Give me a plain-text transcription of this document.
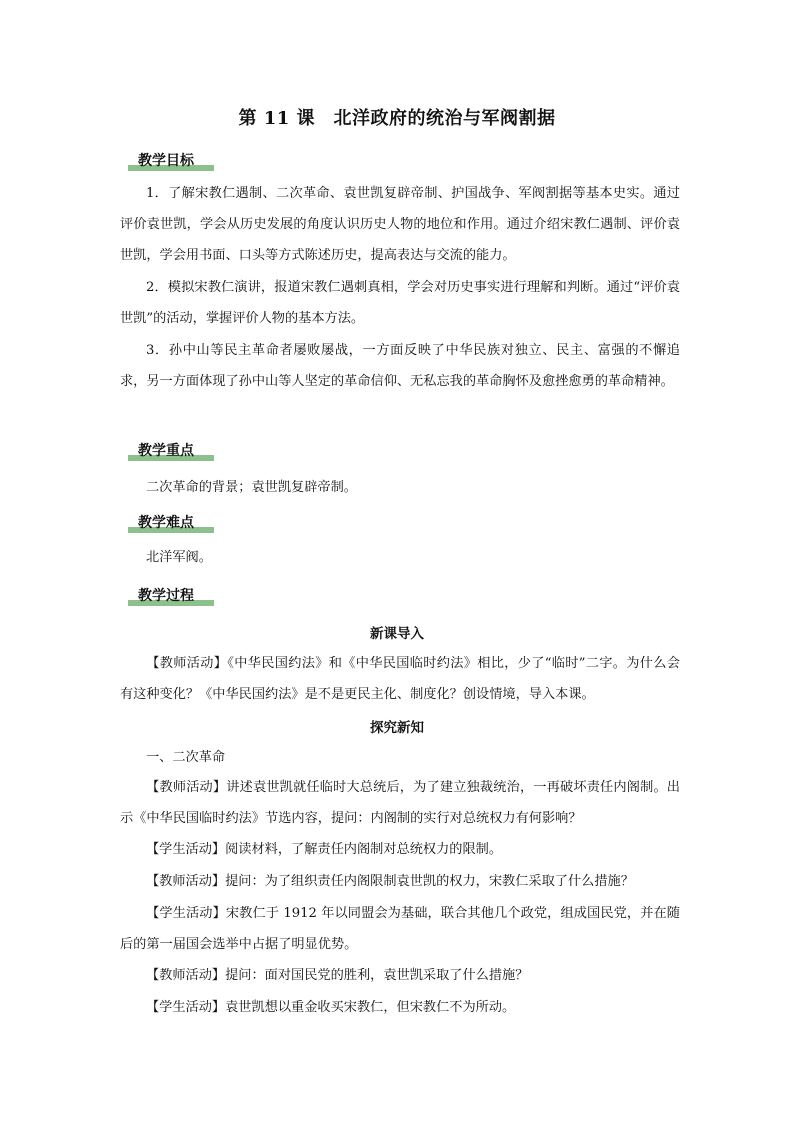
第 11 课　北洋政府的统治与军阀割据
教学目标
1．了解宋教仁遇制、二次革命、袁世凯复辟帝制、护国战争、军阀割据等基本史实。通过评价袁世凯，学会从历史发展的角度认识历史人物的地位和作用。通过介绍宋教仁遇制、评价袁世凯，学会用书面、口头等方式陈述历史，提高表达与交流的能力。
2．模拟宋教仁演讲，报道宋教仁遇刺真相，学会对历史事实进行理解和判断。通过“评价袁世凯”的活动，掌握评价人物的基本方法。
3．孙中山等民主革命者屡败屡战，一方面反映了中华民族对独立、民主、富强的不懈追求，另一方面体现了孙中山等人坚定的革命信仰、无私忘我的革命胸怀及愈挫愈勇的革命精神。
教学重点
二次革命的背景；袁世凯复辟帝制。
教学难点
北洋军阀。
教学过程
新课导入
【教师活动】《中华民国约法》和《中华民国临时约法》相比，少了“临时”二字。为什么会有这种变化？《中华民国约法》是不是更民主化、制度化？创设情境，导入本课。
探究新知
一、二次革命
【教师活动】讲述袁世凯就任临时大总统后，为了建立独裁统治，一再破坏责任内阁制。出示《中华民国临时约法》节选内容，提问：内阁制的实行对总统权力有何影响？
【学生活动】阅读材料，了解责任内阁制对总统权力的限制。
【教师活动】提问：为了组织责任内阁限制袁世凯的权力，宋教仁采取了什么措施？
【学生活动】宋教仁于 1912 年以同盟会为基础，联合其他几个政党，组成国民党，并在随后的第一届国会选举中占据了明显优势。
【教师活动】提问：面对国民党的胜利，袁世凯采取了什么措施？
【学生活动】袁世凯想以重金收买宋教仁，但宋教仁不为所动。
